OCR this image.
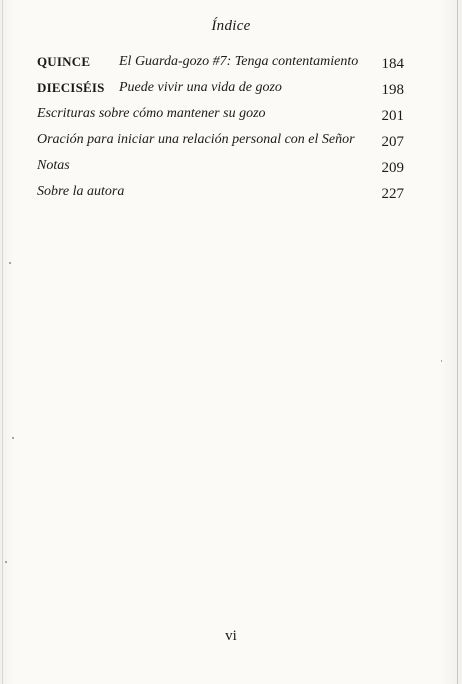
Índice
QUINCE El Guarda-gozo #7: Tenga contentamiento 184
DIECISÉIS Puede vivir una vida de gozo	198
Escrituras sobre cómo mantener su gozo	201
Oración para iniciar una relación personal con el Señor 207
Notas	209
Sobre la autora	227
vi
